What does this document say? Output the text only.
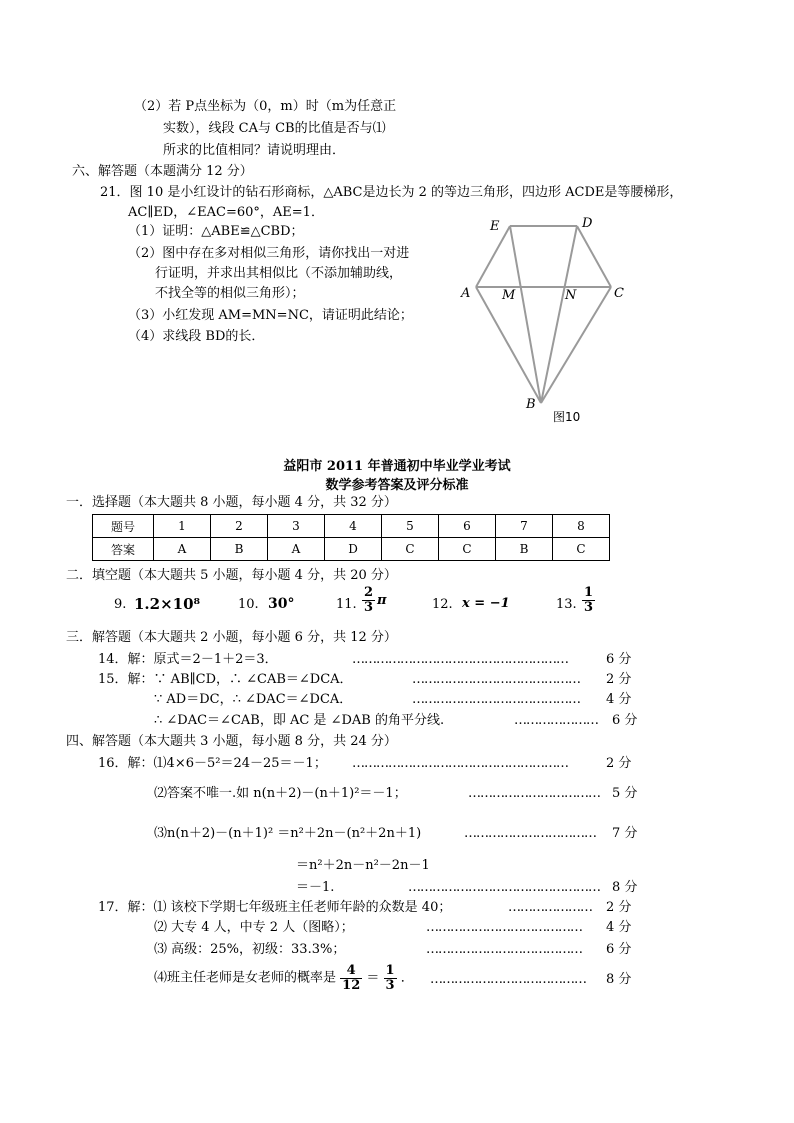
（2）若 P点坐标为（0，m）时（m为任意正
实数），线段 CA与 CB的比值是否与⑴
所求的比值相同？请说明理由．
六、解答题（本题满分 12 分）
21．图 10 是小红设计的钻石形商标，△ABC是边长为 2 的等边三角形，四边形 ACDE是等腰梯形，
AC∥ED，∠EAC=60°，AE=1．
（1）证明：△ABE≌△CBD；
（2）图中存在多对相似三角形，请你找出一对进
行证明，并求出其相似比（不添加辅助线，
不找全等的相似三角形）；
（3）小红发现 AM=MN=NC，请证明此结论；
（4）求线段 BD的长．
E	D
A M	N	C
B
图10
益阳市 2011 年普通初中毕业学业考试
数学参考答案及评分标准
一．选择题（本大题共 8 小题，每小题 4 分，共 32 分）
题号	1	2	3	4	5	6	7	8
答案	A	B	A	D	C	C	B	C
二．填空题（本大题共 5 小题，每小题 4 分，共 20 分）
9. 1.2×10⁸	10. 30°	11. $\frac{2}{3}$ π	12. x = −1	13. $\frac{1}{3}$
三．解答题（本大题共 2 小题，每小题 6 分，共 12 分）
14．解：原式＝2－1＋2＝3．	………………………………………………	6 分
15．解：∵ AB∥CD，∴ ∠CAB＝∠DCA．	…………………………………… 2 分
∵ AD＝DC，∴ ∠DAC＝∠DCA．	…………………………………… 4 分
∴ ∠DAC＝∠CAB，即 AC 是 ∠DAB 的角平分线.	………………… 6 分
四、解答题（本大题共 3 小题，每小题 8 分，共 24 分）
16．解：⑴4×6－5²＝24－25＝－1； ………………………………………………	2 分
⑵答案不唯一.如 n(n＋2)－(n＋1)²＝－1；	…………………………… 5 分
⑶n(n＋2)－(n＋1)² ＝n²＋2n－(n²＋2n＋1)	…………………………… 7 分
＝n²＋2n－n²－2n－1
＝－1.	………………………………………… 8 分
17．解：⑴ 该校下学期七年级班主任老师年龄的众数是 40；	………………… 2 分
⑵ 大专 4 人，中专 2 人（图略）；	………………………………… 4 分
⑶ 高级：25%，初级：33.3%；	………………………………… 6 分
⑷班主任老师是女老师的概率是 $\frac{4}{12} = \frac{1}{3}$ ． ………………………………… 8 分
